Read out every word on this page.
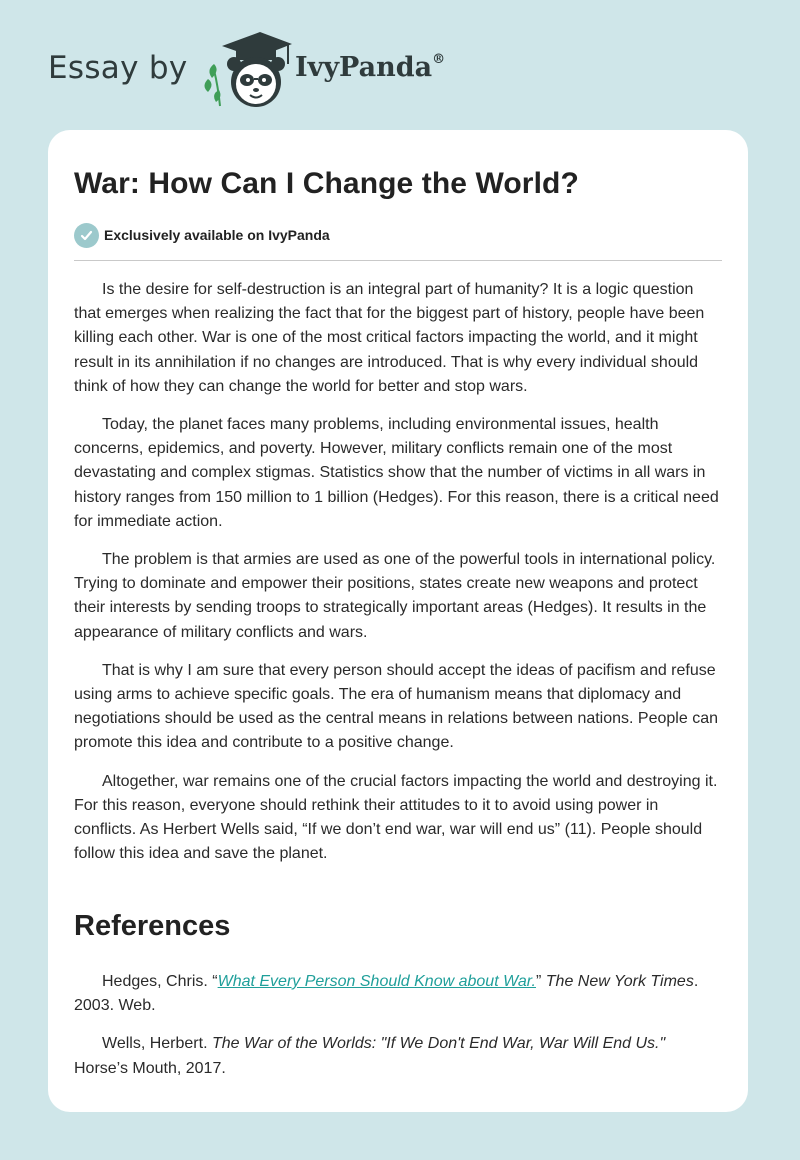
Essay by	IvyPanda®
War: How Can I Change the World?
Exclusively available on IvyPanda

Is the desire for self-destruction is an integral part of humanity? It is a logic question that emerges when realizing the fact that for the biggest part of history, people have been killing each other. War is one of the most critical factors impacting the world, and it might result in its annihilation if no changes are introduced. That is why every individual should think of how they can change the world for better and stop wars.

Today, the planet faces many problems, including environmental issues, health concerns, epidemics, and poverty. However, military conflicts remain one of the most devastating and complex stigmas. Statistics show that the number of victims in all wars in history ranges from 150 million to 1 billion (Hedges). For this reason, there is a critical need for immediate action.

The problem is that armies are used as one of the powerful tools in international policy. Trying to dominate and empower their positions, states create new weapons and protect their interests by sending troops to strategically important areas (Hedges). It results in the appearance of military conflicts and wars.

That is why I am sure that every person should accept the ideas of pacifism and refuse using arms to achieve specific goals. The era of humanism means that diplomacy and negotiations should be used as the central means in relations between nations. People can promote this idea and contribute to a positive change.

Altogether, war remains one of the crucial factors impacting the world and destroying it. For this reason, everyone should rethink their attitudes to it to avoid using power in conflicts. As Herbert Wells said, “If we don’t end war, war will end us” (11). People should follow this idea and save the planet.

References

Hedges, Chris. “What Every Person Should Know about War.” The New York Times. 2003. Web.

Wells, Herbert. The War of the Worlds: "If We Don't End War, War Will End Us." Horse’s Mouth, 2017.
